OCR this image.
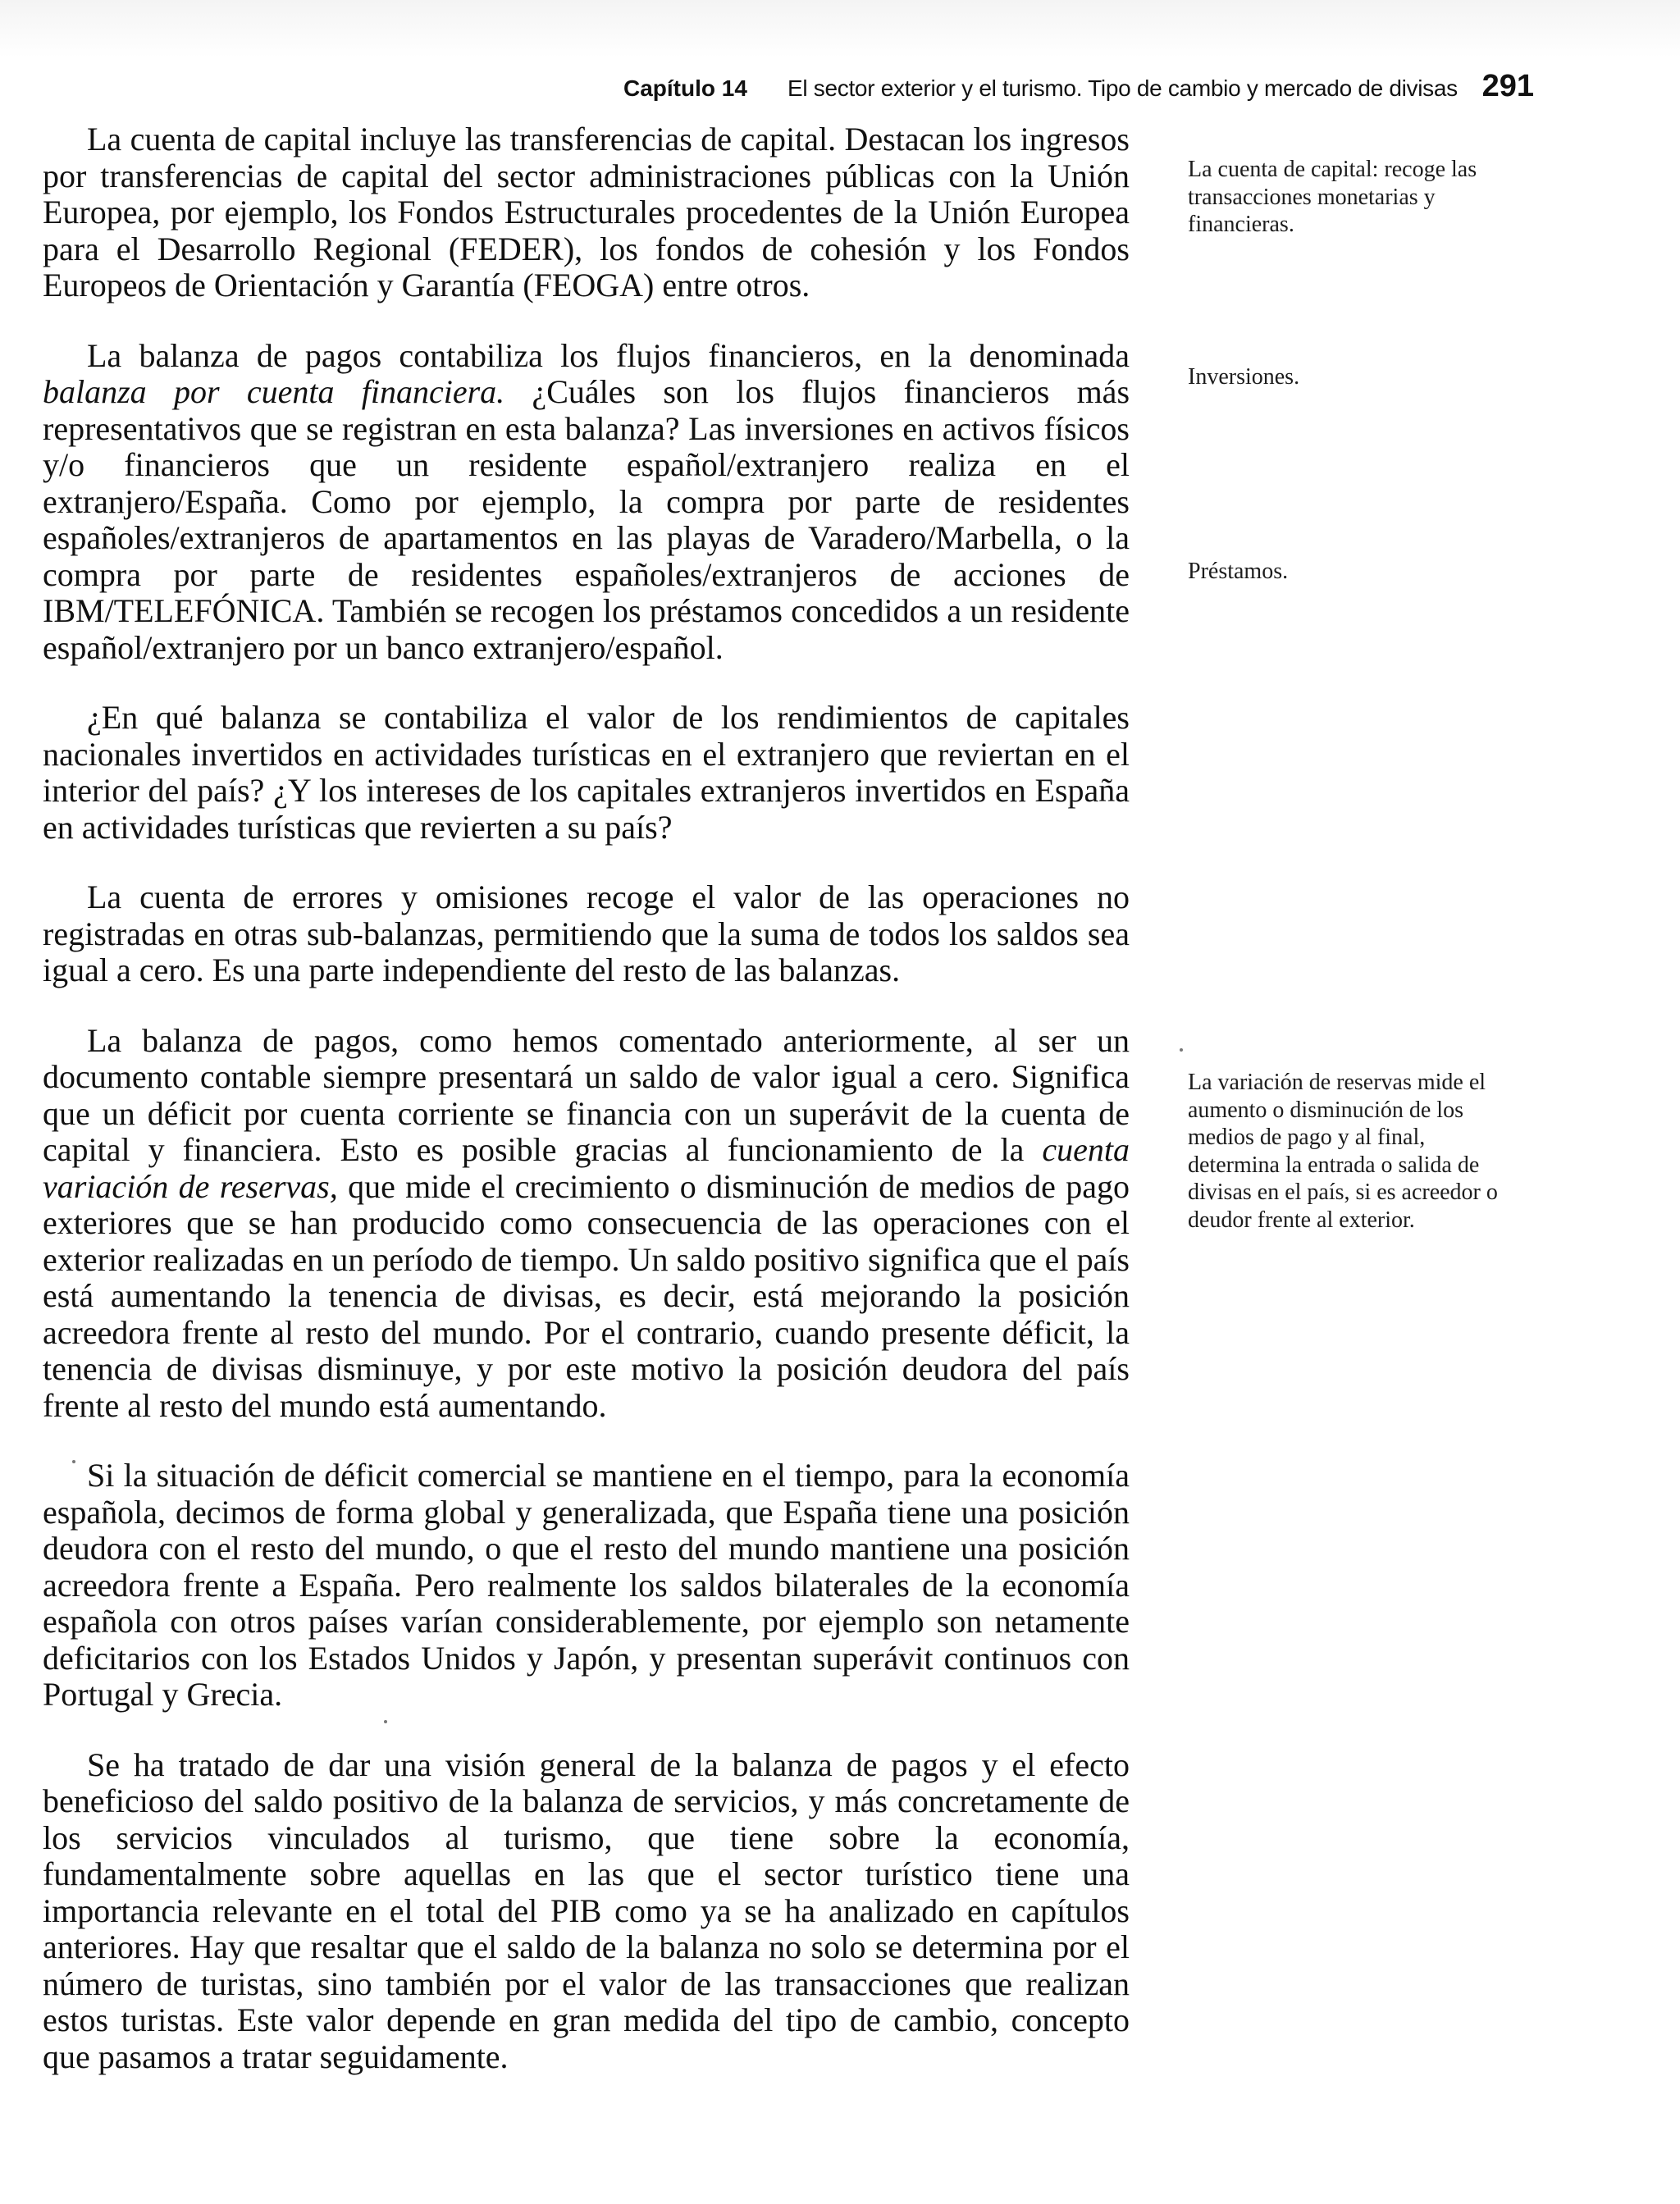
Capítulo 14 El sector exterior y el turismo. Tipo de cambio y mercado de divisas 291

La cuenta de capital incluye las transferencias de capital. Destacan los ingresos por transferencias de capital del sector administraciones públicas con la Unión Europea, por ejemplo, los Fondos Estructurales procedentes de la Unión Europea para el Desarrollo Regional (FEDER), los fondos de cohesión y los Fondos Europeos de Orientación y Garantía (FEOGA) entre otros.

La balanza de pagos contabiliza los flujos financieros, en la denominada balanza por cuenta financiera. ¿Cuáles son los flujos financieros más representativos que se registran en esta balanza? Las inversiones en activos físicos y/o financieros que un residente español/extranjero realiza en el extranjero/España. Como por ejemplo, la compra por parte de residentes españoles/extranjeros de apartamentos en las playas de Varadero/Marbella, o la compra por parte de residentes españoles/extranjeros de acciones de IBM/TELEFÓNICA. También se recogen los préstamos concedidos a un residente español/extranjero por un banco extranjero/español.

¿En qué balanza se contabiliza el valor de los rendimientos de capitales nacionales invertidos en actividades turísticas en el extranjero que reviertan en el interior del país? ¿Y los intereses de los capitales extranjeros invertidos en España en actividades turísticas que revierten a su país?

La cuenta de errores y omisiones recoge el valor de las operaciones no registradas en otras sub-balanzas, permitiendo que la suma de todos los saldos sea igual a cero. Es una parte independiente del resto de las balanzas.

La balanza de pagos, como hemos comentado anteriormente, al ser un documento contable siempre presentará un saldo de valor igual a cero. Significa que un déficit por cuenta corriente se financia con un superávit de la cuenta de capital y financiera. Esto es posible gracias al funcionamiento de la cuenta variación de reservas, que mide el crecimiento o disminución de medios de pago exteriores que se han producido como consecuencia de las operaciones con el exterior realizadas en un período de tiempo. Un saldo positivo significa que el país está aumentando la tenencia de divisas, es decir, está mejorando la posición acreedora frente al resto del mundo. Por el contrario, cuando presente déficit, la tenencia de divisas disminuye, y por este motivo la posición deudora del país frente al resto del mundo está aumentando.

Si la situación de déficit comercial se mantiene en el tiempo, para la economía española, decimos de forma global y generalizada, que España tiene una posición deudora con el resto del mundo, o que el resto del mundo mantiene una posición acreedora frente a España. Pero realmente los saldos bilaterales de la economía española con otros países varían considerablemente, por ejemplo son netamente deficitarios con los Estados Unidos y Japón, y presentan superávit continuos con Portugal y Grecia.

Se ha tratado de dar una visión general de la balanza de pagos y el efecto beneficioso del saldo positivo de la balanza de servicios, y más concretamente de los servicios vinculados al turismo, que tiene sobre la economía, fundamentalmente sobre aquellas en las que el sector turístico tiene una importancia relevante en el total del PIB como ya se ha analizado en capítulos anteriores. Hay que resaltar que el saldo de la balanza no solo se determina por el número de turistas, sino también por el valor de las transacciones que realizan estos turistas. Este valor depende en gran medida del tipo de cambio, concepto que pasamos a tratar seguidamente.

La cuenta de capital: recoge las transacciones monetarias y financieras.
Inversiones.
Préstamos.
La variación de reservas mide el aumento o disminución de los medios de pago y al final, determina la entrada o salida de divisas en el país, si es acreedor o deudor frente al exterior.
